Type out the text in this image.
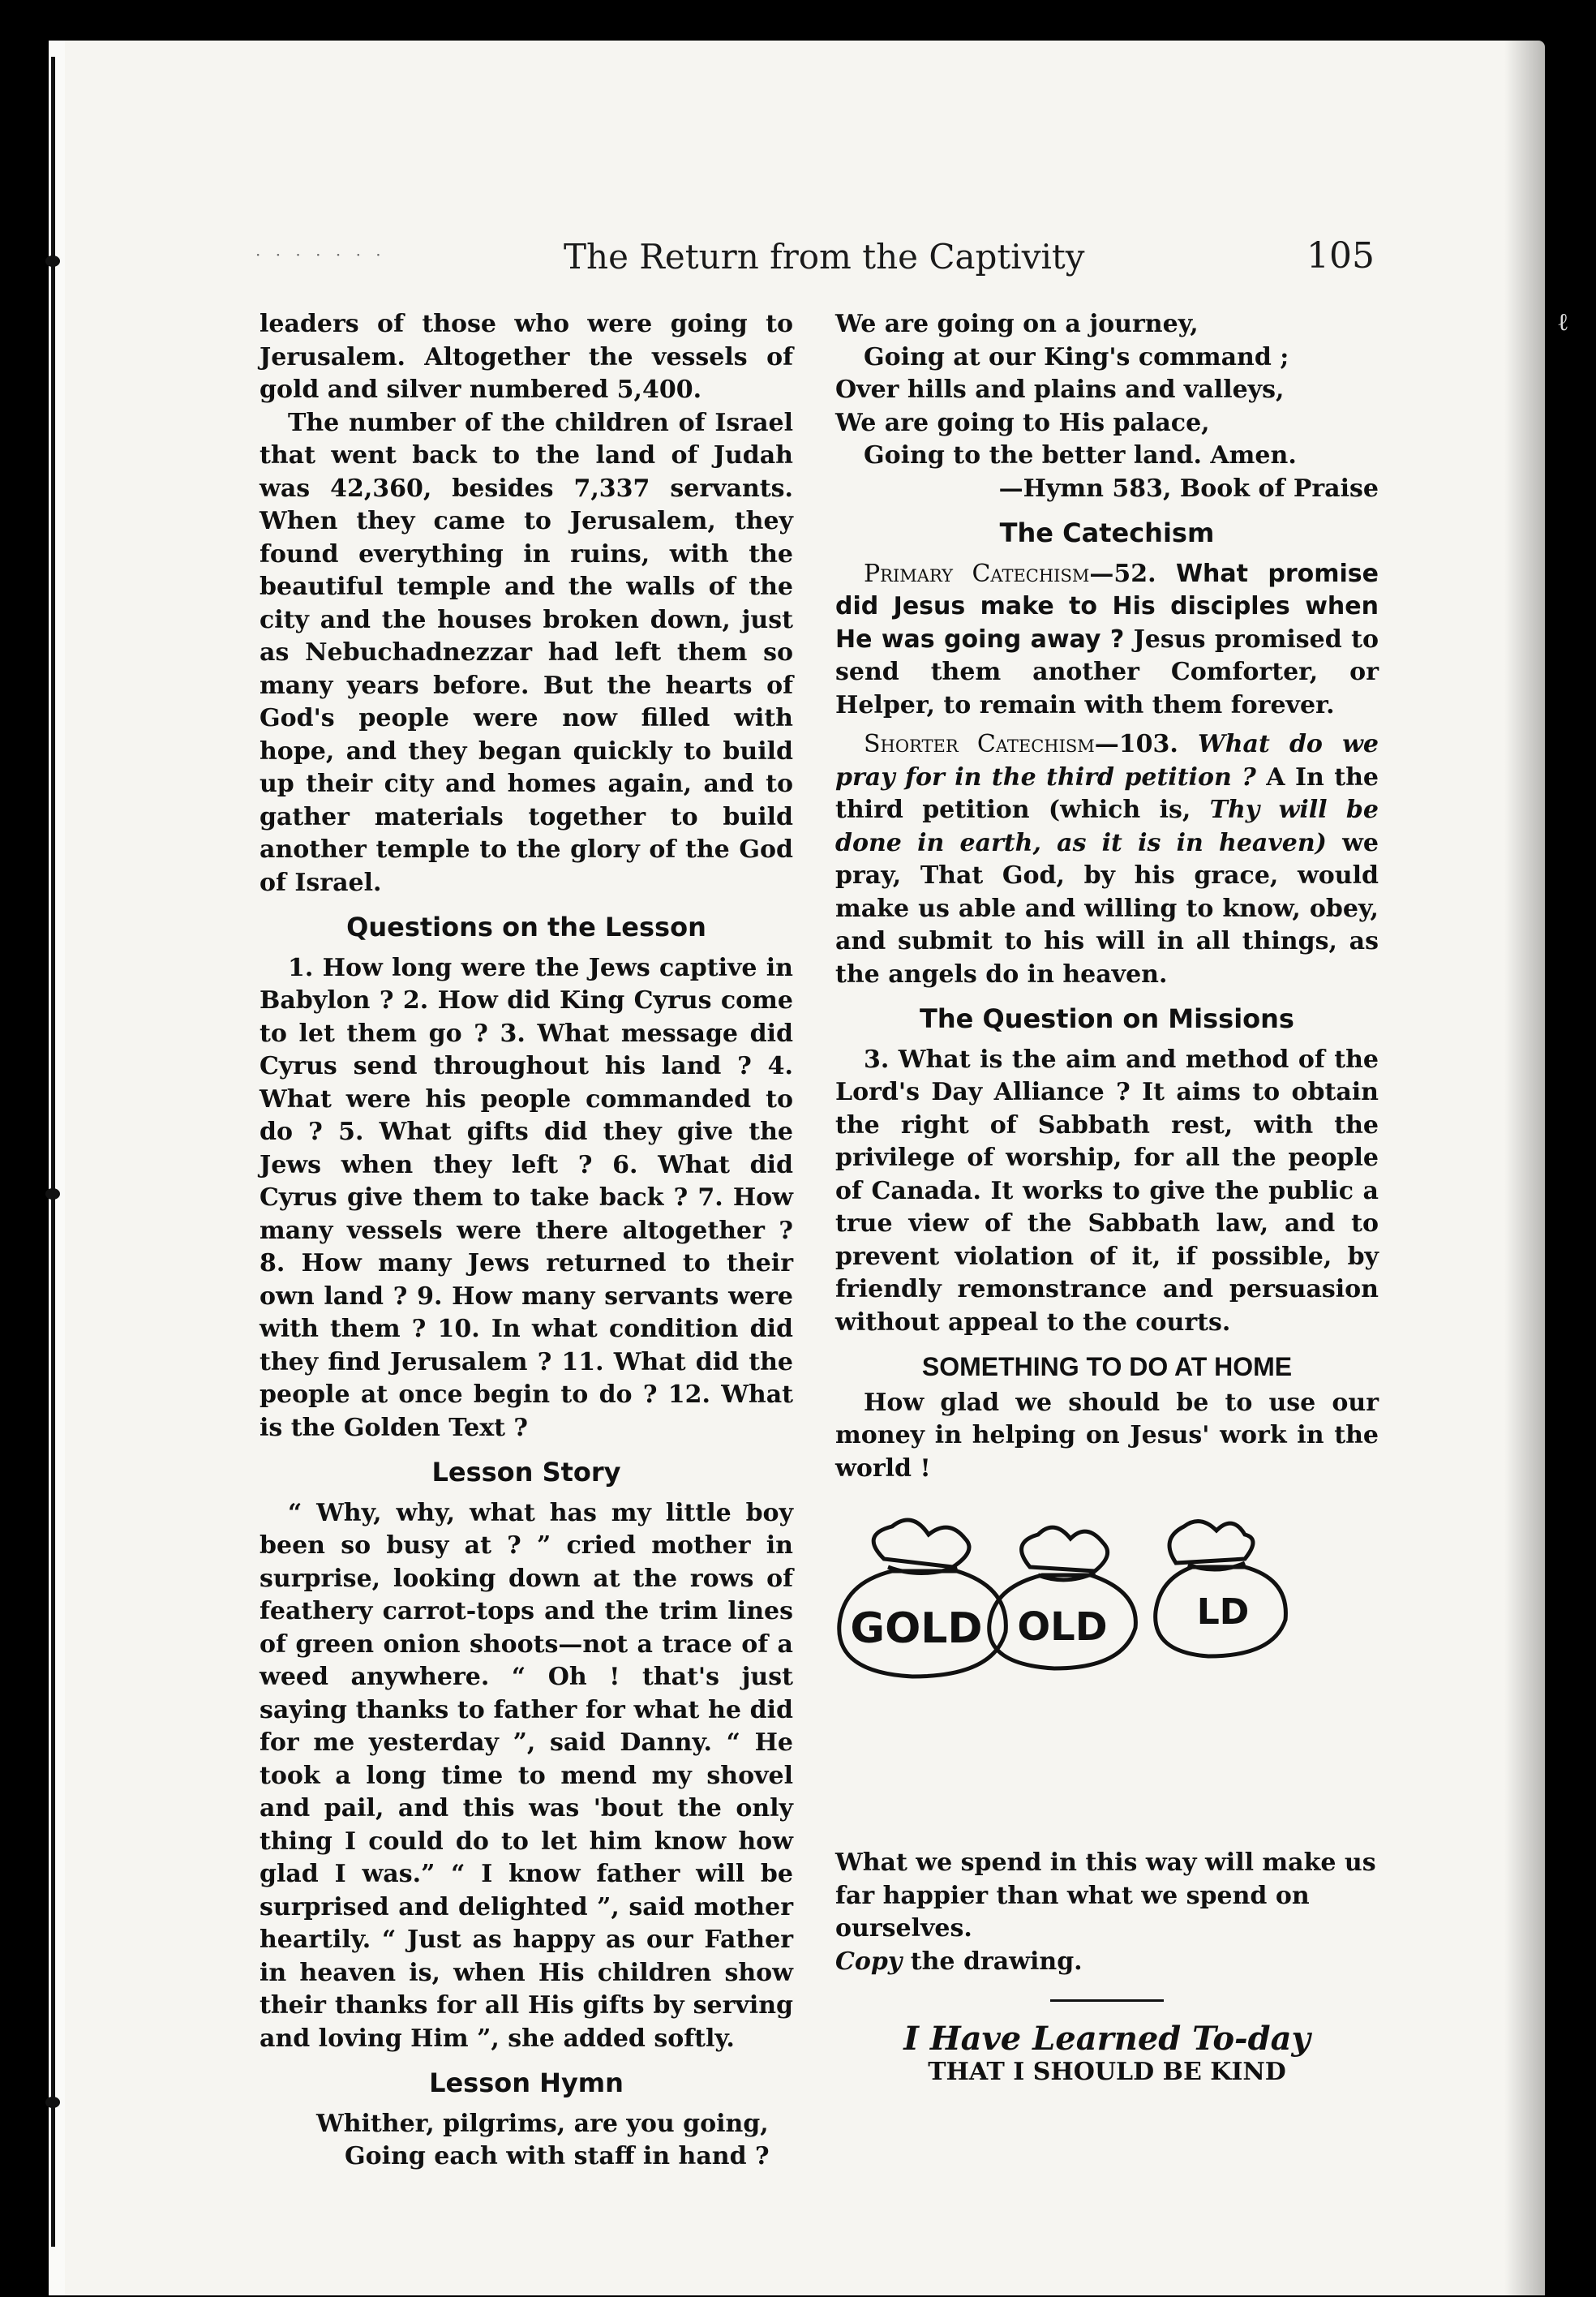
· · · · · · ·	The Return from the Captivity	105

leaders of those who were going to Jerusalem. Altogether the vessels of gold and silver numbered 5,400.

The number of the children of Israel that went back to the land of Judah was 42,360, besides 7,337 servants. When they came to Jerusalem, they found everything in ruins, with the beautiful temple and the walls of the city and the houses broken down, just as Nebuchadnezzar had left them so many years before. But the hearts of God's people were now filled with hope, and they began quickly to build up their city and homes again, and to gather materials together to build another temple to the glory of the God of Israel.

Questions on the Lesson

1. How long were the Jews captive in Babylon ? 2. How did King Cyrus come to let them go ? 3. What message did Cyrus send throughout his land ? 4. What were his people commanded to do ? 5. What gifts did they give the Jews when they left ? 6. What did Cyrus give them to take back ? 7. How many vessels were there altogether ? 8. How many Jews returned to their own land ? 9. How many servants were with them ? 10. In what condition did they find Jerusalem ? 11. What did the people at once begin to do ? 12. What is the Golden Text ?

Lesson Story

“ Why, why, what has my little boy been so busy at ? ” cried mother in surprise, looking down at the rows of feathery carrot-tops and the trim lines of green onion shoots—not a trace of a weed anywhere. “ Oh ! that's just saying thanks to father for what he did for me yesterday ”, said Danny. “ He took a long time to mend my shovel and pail, and this was 'bout the only thing I could do to let him know how glad I was.” “ I know father will be surprised and delighted ”, said mother heartily. “ Just as happy as our Father in heaven is, when His children show their thanks for all His gifts by serving and loving Him ”, she added softly.

Lesson Hymn

Whither, pilgrims, are you going,

Going each with staff in hand ?

We are going on a journey,

Going at our King's command ;

Over hills and plains and valleys,

We are going to His palace,

Going to the better land. Amen.

—Hymn 583, Book of Praise

The Catechism

Primary Catechism—52. What promise did Jesus make to His disciples when He was going away ? Jesus promised to send them another Comforter, or Helper, to remain with them forever.

Shorter Catechism—103. What do we pray for in the third petition ? A In the third petition (which is, Thy will be done in earth, as it is in heaven) we pray, That God, by his grace, would make us able and willing to know, obey, and submit to his will in all things, as the angels do in heaven.

The Question on Missions

3. What is the aim and method of the Lord's Day Alliance ? It aims to obtain the right of Sabbath rest, with the privilege of worship, for all the people of Canada. It works to give the public a true view of the Sabbath law, and to prevent violation of it, if possible, by friendly remonstrance and persuasion without appeal to the courts.

SOMETHING TO DO AT HOME

How glad we should be to use our money in helping on Jesus' work in the world !

GOLD OLD	LD

What we spend in this way will make us far happier than what we spend on ourselves.

Copy the drawing.

I Have Learned To-day
THAT I SHOULD BE KIND
ℓ
